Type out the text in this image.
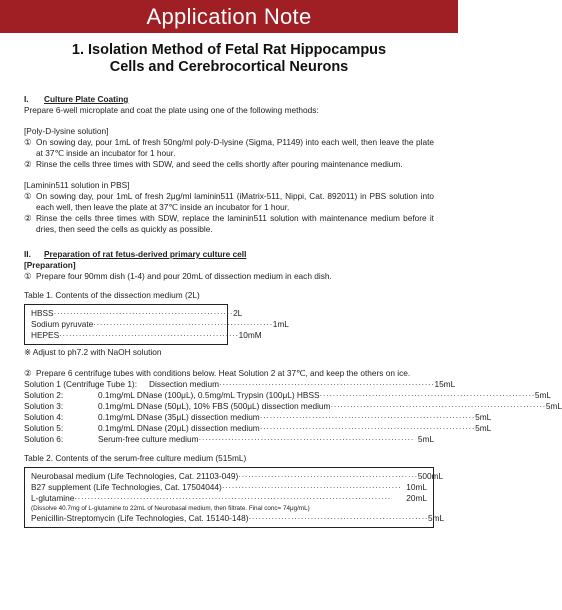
Application Note
1. Isolation Method of Fetal Rat Hippocampus
Cells and Cerebrocortical Neurons
I. Culture Plate Coating

Prepare 6-well microplate and coat the plate using one of the following methods:

[Poly-D-lysine solution]

① On sowing day, pour 1mL of fresh 50ng/ml poly-D-lysine (Sigma, P1149) into each well, then leave the plate at 37℃ inside an incubator for 1 hour.
② Rinse the cells three times with SDW, and seed the cells shortly after pouring maintenance medium.

[Laminin511 solution in PBS]

① On sowing day, pour 1mL of fresh 2μg/ml laminin511 (iMatrix-511, Nippi, Cat. 892011) in PBS solution into each well, then leave the plate at 37℃ inside an incubator for 1 hour.
② Rinse the cells three times with SDW, replace the laminin511 solution with maintenance medium before it dries, then seed the cells as quickly as possible.
II. Preparation of rat fetus-derived primary culture cell

[Preparation]

① Prepare four 90mm dish (1-4) and pour 20mL of dissection medium in each dish.

Table 1. Contents of the dissection medium (2L)

HBSS ······················································· 2L
Sodium pyruvate ······················································· 1mL
HEPES ······················································· 10mM

※ Adjust to ph7.2 with NaOH solution

② Prepare 6 centrifuge tubes with conditions below. Heat Solution 2 at 37℃, and keep the others on ice.
Solution 1 (Centrifuge Tube 1): Dissection medium ·································································· 15mL
Solution 2:	0.1mg/mL DNase (100μL), 0.5mg/mL Trypsin (100μL) HBSS ·································································· 5mL
Solution 3:	0.1mg/mL DNase (50μL), 10% FBS (500μL) dissection medium ·································································· 5mL
Solution 4:	0.1mg/mL DNase (35μL) dissection medium ·································································· 5mL
Solution 5:	0.1mg/mL DNase (20μL) dissection medium ·································································· 5mL
Solution 6:	Serum-free culture medium ·································································· 5mL

Table 2. Contents of the serum-free culture medium (515mL)

Neurobasal medium (Life Technologies, Cat. 21103-049) ······················································· 500mL
B27 supplement (Life Technologies, Cat. 17504044) ······················································· 10mL
L-glutamine ·································································································	20mL
(Dissolve 40.7mg of L-glutamine to 22mL of Neurobasal medium, then filtrate. Final conc= 74μg/mL)
Penicillin-Streptomycin (Life Technologies, Cat. 15140-148) ······················································· 5mL
